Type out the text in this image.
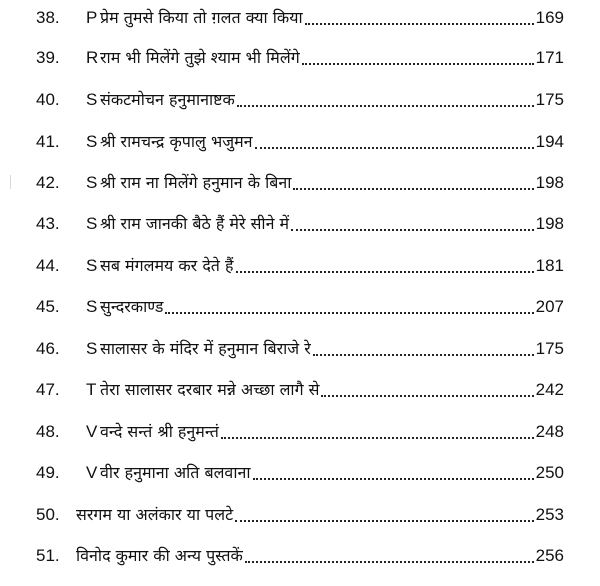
38.	P प्रेम तुमसे किया तो ग़लत क्या किया	169
39.	R राम भी मिलेंगे तुझे श्याम भी मिलेंगे	171
40.	S संकटमोचन हनुमानाष्टक	175
41.	S श्री रामचन्द्र कृपालु भजुमन	194
42.	S श्री राम ना मिलेंगे हनुमान के बिना	198
43.	S श्री राम जानकी बैठे हैं मेरे सीने में	198
44.	S सब मंगलमय कर देते हैं	181
45.	S सुन्दरकाण्ड	207
46.	S सालासर के मंदिर में हनुमान बिराजे रे	175
47.	T तेरा सालासर दरबार मन्ने अच्छा लागै से	242
48.	V वन्दे सन्तं श्री हनुमन्तं	248
49.	V वीर हनुमाना अति बलवाना	250
50.	सरगम या अलंकार या पलटे	253
51.	विनोद कुमार की अन्य पुस्तकें	256
